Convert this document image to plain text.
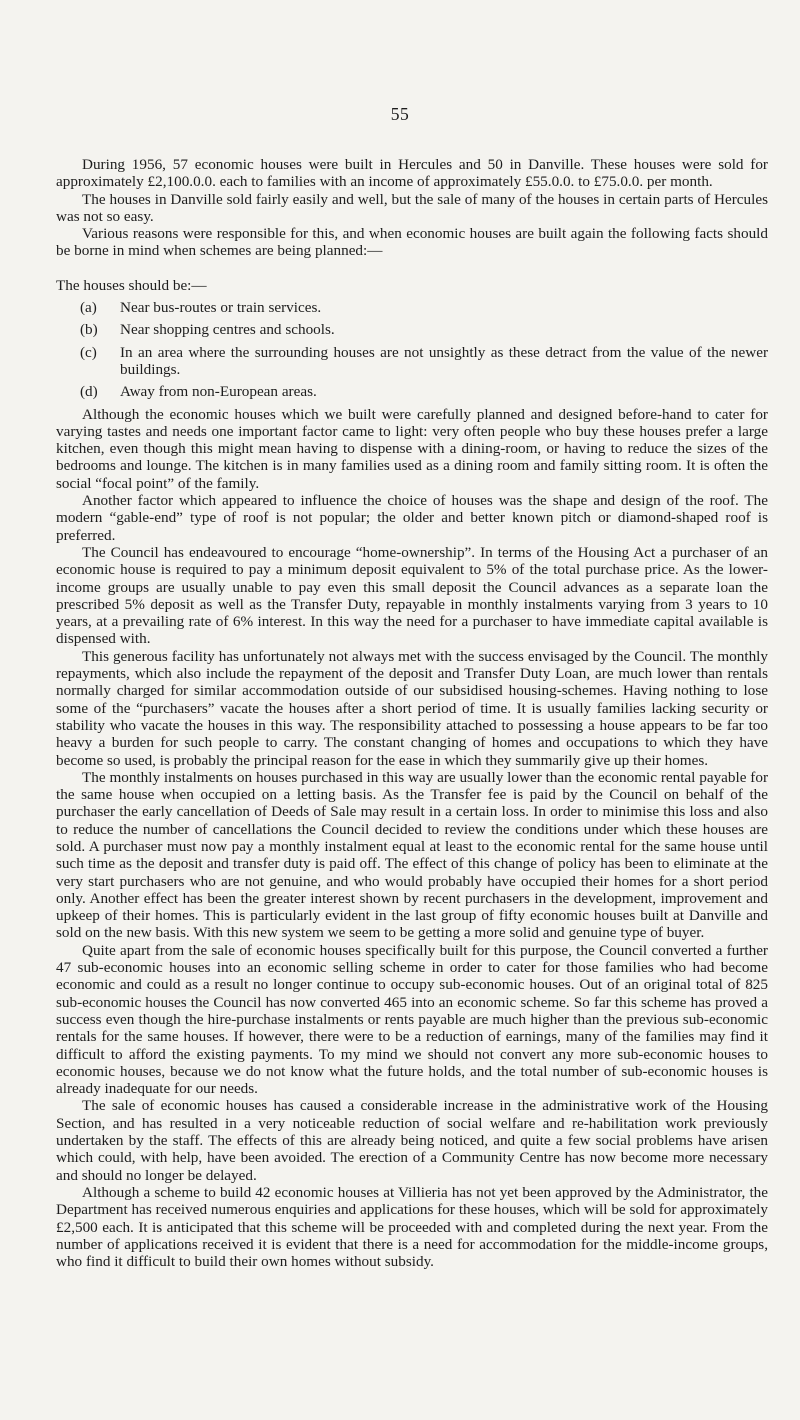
55

During 1956, 57 economic houses were built in Hercules and 50 in Danville. These houses were sold for approximately £2,100.0.0. each to families with an income of approximately £55.0.0. to £75.0.0. per month.

The houses in Danville sold fairly easily and well, but the sale of many of the houses in certain parts of Hercules was not so easy.

Various reasons were responsible for this, and when economic houses are built again the following facts should be borne in mind when schemes are being planned:—

The houses should be:—

(a)	Near bus-routes or train services.
(b)	Near shopping centres and schools.
(c)	In an area where the surrounding houses are not unsightly as these detract from the value of the newer buildings.
(d)	Away from non-European areas.

Although the economic houses which we built were carefully planned and designed before-hand to cater for varying tastes and needs one important factor came to light: very often people who buy these houses prefer a large kitchen, even though this might mean having to dispense with a dining-room, or having to reduce the sizes of the bedrooms and lounge. The kitchen is in many families used as a dining room and family sitting room. It is often the social “focal point” of the family.

Another factor which appeared to influence the choice of houses was the shape and design of the roof. The modern “gable-end” type of roof is not popular; the older and better known pitch or diamond-shaped roof is preferred.

The Council has endeavoured to encourage “home-ownership”. In terms of the Housing Act a purchaser of an economic house is required to pay a minimum deposit equivalent to 5% of the total purchase price. As the lower-income groups are usually unable to pay even this small deposit the Council advances as a separate loan the prescribed 5% deposit as well as the Transfer Duty, repayable in monthly instalments varying from 3 years to 10 years, at a prevailing rate of 6% interest. In this way the need for a purchaser to have immediate capital available is dispensed with.

This generous facility has unfortunately not always met with the success envisaged by the Council. The monthly repayments, which also include the repayment of the deposit and Transfer Duty Loan, are much lower than rentals normally charged for similar accommodation outside of our subsidised housing-schemes. Having nothing to lose some of the “purchasers” vacate the houses after a short period of time. It is usually families lacking security or stability who vacate the houses in this way. The responsibility attached to possessing a house appears to be far too heavy a burden for such people to carry. The constant changing of homes and occupations to which they have become so used, is probably the principal reason for the ease in which they summarily give up their homes.

The monthly instalments on houses purchased in this way are usually lower than the economic rental payable for the same house when occupied on a letting basis. As the Transfer fee is paid by the Council on behalf of the purchaser the early cancellation of Deeds of Sale may result in a certain loss. In order to minimise this loss and also to reduce the number of cancellations the Council decided to review the conditions under which these houses are sold. A purchaser must now pay a monthly instalment equal at least to the economic rental for the same house until such time as the deposit and transfer duty is paid off. The effect of this change of policy has been to eliminate at the very start purchasers who are not genuine, and who would probably have occupied their homes for a short period only. Another effect has been the greater interest shown by recent purchasers in the development, improvement and upkeep of their homes. This is particularly evident in the last group of fifty economic houses built at Danville and sold on the new basis. With this new system we seem to be getting a more solid and genuine type of buyer.

Quite apart from the sale of economic houses specifically built for this purpose, the Council converted a further 47 sub-economic houses into an economic selling scheme in order to cater for those families who had become economic and could as a result no longer continue to occupy sub-economic houses. Out of an original total of 825 sub-economic houses the Council has now converted 465 into an economic scheme. So far this scheme has proved a success even though the hire-purchase instalments or rents payable are much higher than the previous sub-economic rentals for the same houses. If however, there were to be a reduction of earnings, many of the families may find it difficult to afford the existing payments. To my mind we should not convert any more sub-economic houses to economic houses, because we do not know what the future holds, and the total number of sub-economic houses is already inadequate for our needs.

The sale of economic houses has caused a considerable increase in the administrative work of the Housing Section, and has resulted in a very noticeable reduction of social welfare and re-habilitation work previously undertaken by the staff. The effects of this are already being noticed, and quite a few social problems have arisen which could, with help, have been avoided. The erection of a Community Centre has now become more necessary and should no longer be delayed.

Although a scheme to build 42 economic houses at Villieria has not yet been approved by the Administrator, the Department has received numerous enquiries and applications for these houses, which will be sold for approximately £2,500 each. It is anticipated that this scheme will be proceeded with and completed during the next year. From the number of applications received it is evident that there is a need for accommodation for the middle-income groups, who find it difficult to build their own homes without subsidy.
